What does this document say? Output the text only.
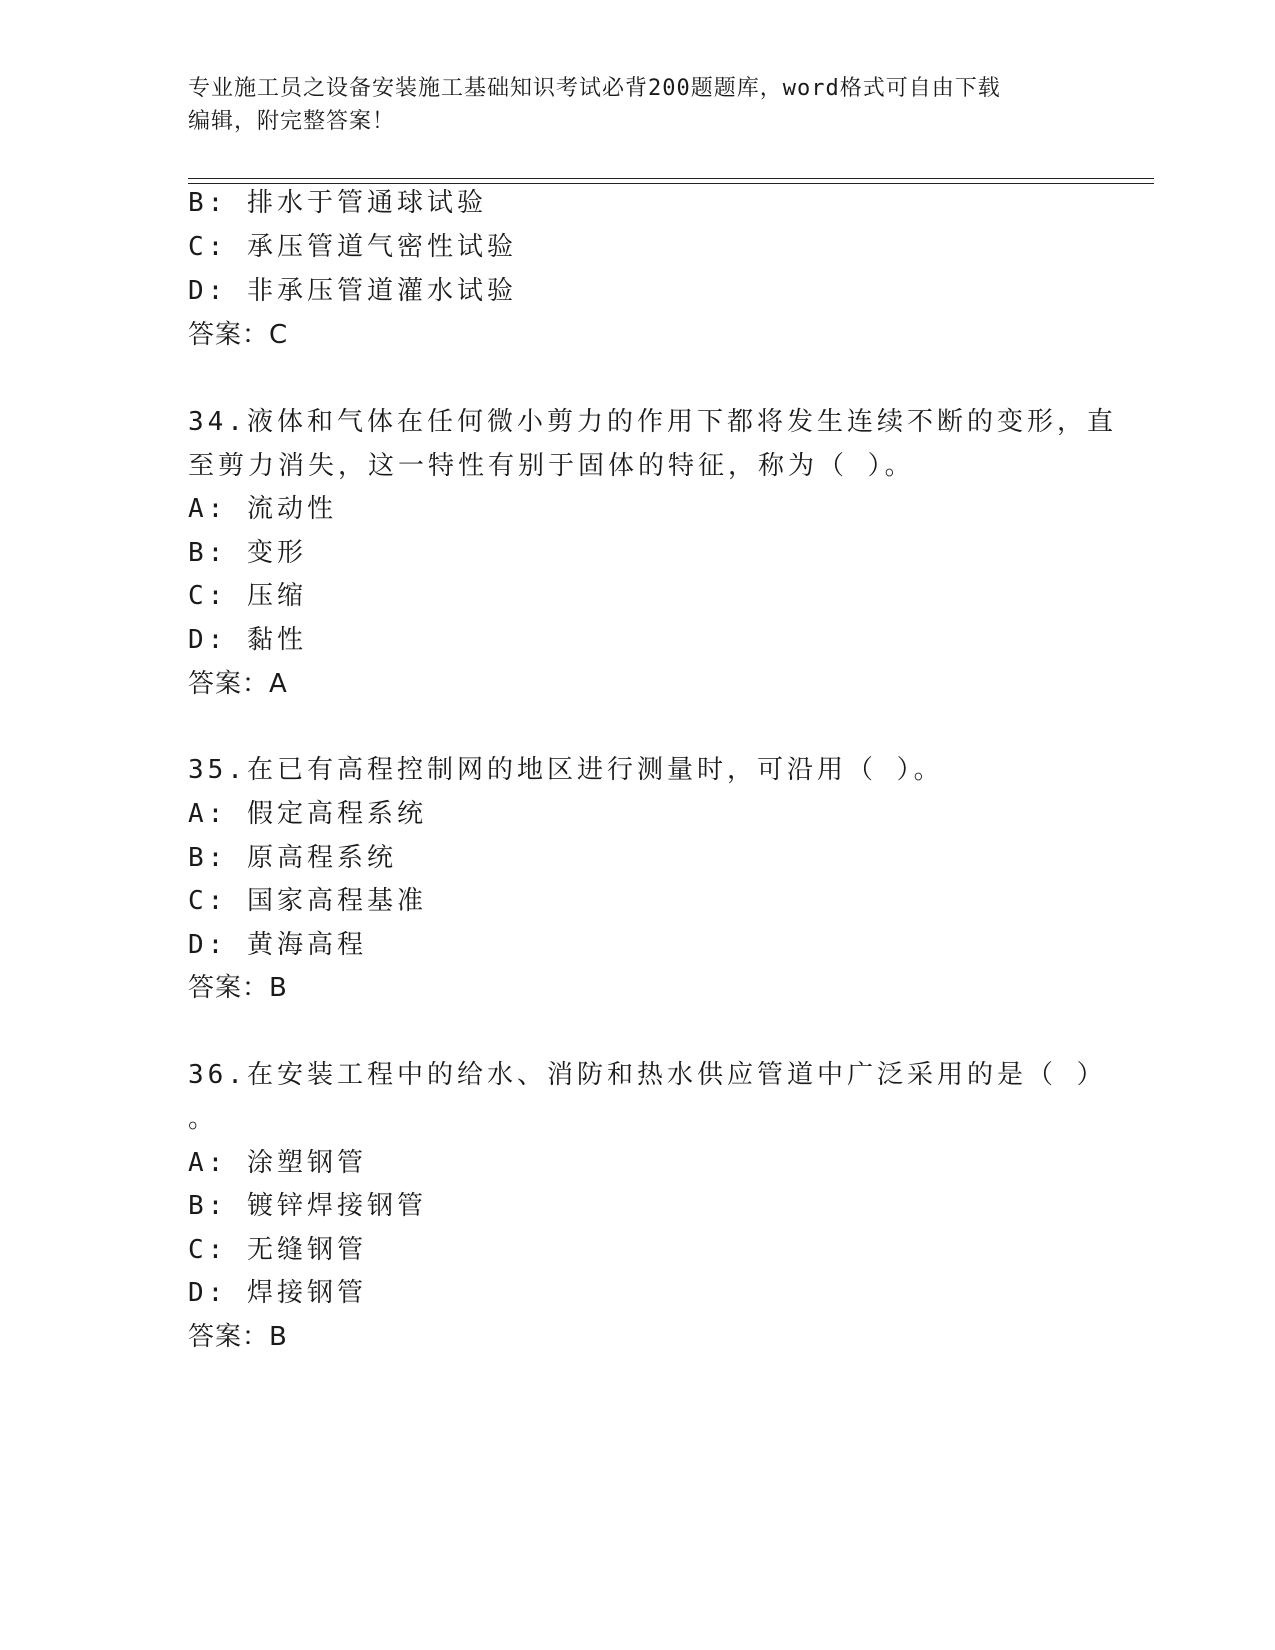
专业施工员之设备安装施工基础知识考试必背200题题库，word格式可自由下载
编辑，附完整答案！
B: 排水于管通球试验
C: 承压管道气密性试验
D: 非承压管道灌水试验
答案：C
34.液体和气体在任何微小剪力的作用下都将发生连续不断的变形，直
至剪力消失，这一特性有别于固体的特征，称为（ ）。
A: 流动性
B: 变形
C: 压缩
D: 黏性
答案：A
35.在已有高程控制网的地区进行测量时，可沿用（ ）。
A: 假定高程系统
B: 原高程系统
C: 国家高程基准
D: 黄海高程
答案：B
36.在安装工程中的给水、消防和热水供应管道中广泛采用的是（ ）
。
A: 涂塑钢管
B: 镀锌焊接钢管
C: 无缝钢管
D: 焊接钢管
答案：B
